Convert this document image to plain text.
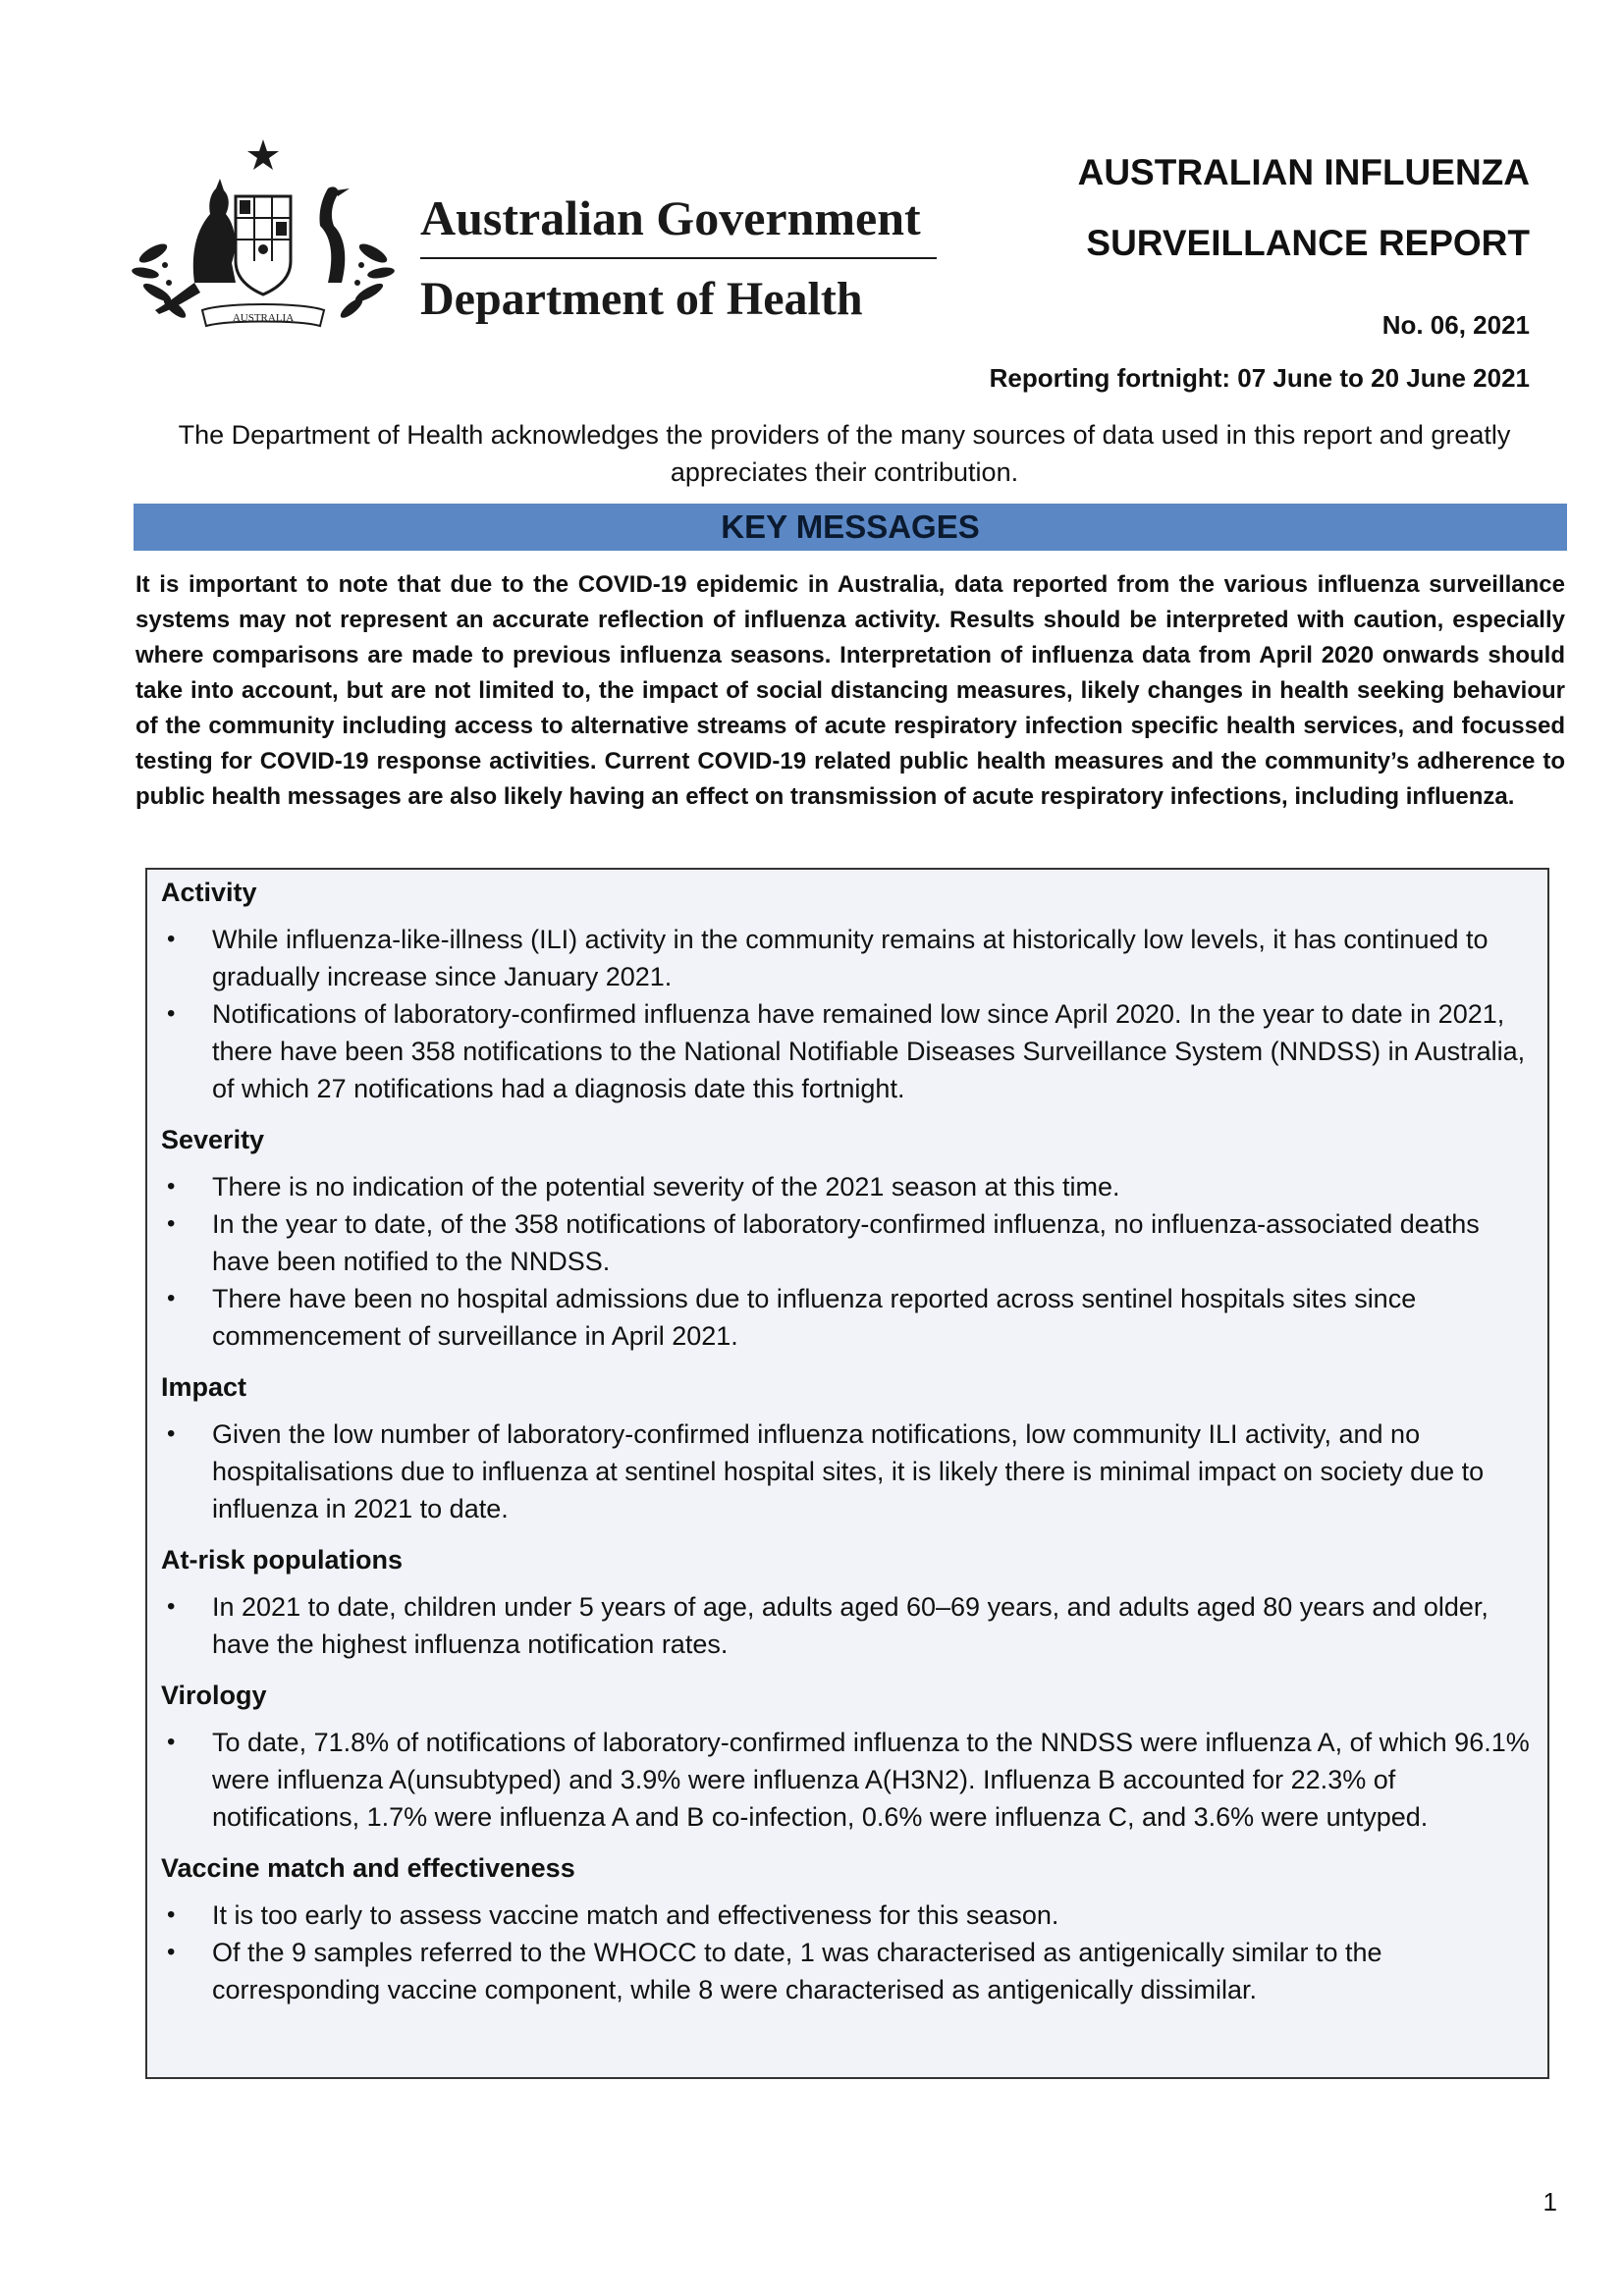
AUSTRALIA
Australian Government
Department of Health
AUSTRALIAN INFLUENZA
SURVEILLANCE REPORT
No. 06, 2021
Reporting fortnight: 07 June to 20 June 2021
The Department of Health acknowledges the providers of the many sources of data used in this report and greatly appreciates their contribution.
KEY MESSAGES
It is important to note that due to the COVID-19 epidemic in Australia, data reported from the various influenza surveillance systems may not represent an accurate reflection of influenza activity. Results should be interpreted with caution, especially where comparisons are made to previous influenza seasons. Interpretation of influenza data from April 2020 onwards should take into account, but are not limited to, the impact of social distancing measures, likely changes in health seeking behaviour of the community including access to alternative streams of acute respiratory infection specific health services, and focussed testing for COVID-19 response activities. Current COVID-19 related public health measures and the community’s adherence to public health messages are also likely having an effect on transmission of acute respiratory infections, including influenza.
Activity
• While influenza-like-illness (ILI) activity in the community remains at historically low levels, it has continued to gradually increase since January 2021.
• Notifications of laboratory-confirmed influenza have remained low since April 2020. In the year to date in 2021, there have been 358 notifications to the National Notifiable Diseases Surveillance System (NNDSS) in Australia, of which 27 notifications had a diagnosis date this fortnight.
Severity
• There is no indication of the potential severity of the 2021 season at this time.
• In the year to date, of the 358 notifications of laboratory-confirmed influenza, no influenza-associated deaths have been notified to the NNDSS.
• There have been no hospital admissions due to influenza reported across sentinel hospitals sites since commencement of surveillance in April 2021.
Impact
• Given the low number of laboratory-confirmed influenza notifications, low community ILI activity, and no hospitalisations due to influenza at sentinel hospital sites, it is likely there is minimal impact on society due to influenza in 2021 to date.
At-risk populations
• In 2021 to date, children under 5 years of age, adults aged 60–69 years, and adults aged 80 years and older, have the highest influenza notification rates.
Virology
• To date, 71.8% of notifications of laboratory-confirmed influenza to the NNDSS were influenza A, of which 96.1% were influenza A(unsubtyped) and 3.9% were influenza A(H3N2). Influenza B accounted for 22.3% of notifications, 1.7% were influenza A and B co-infection, 0.6% were influenza C, and 3.6% were untyped.
Vaccine match and effectiveness
• It is too early to assess vaccine match and effectiveness for this season.
• Of the 9 samples referred to the WHOCC to date, 1 was characterised as antigenically similar to the corresponding vaccine component, while 8 were characterised as antigenically dissimilar.
1
